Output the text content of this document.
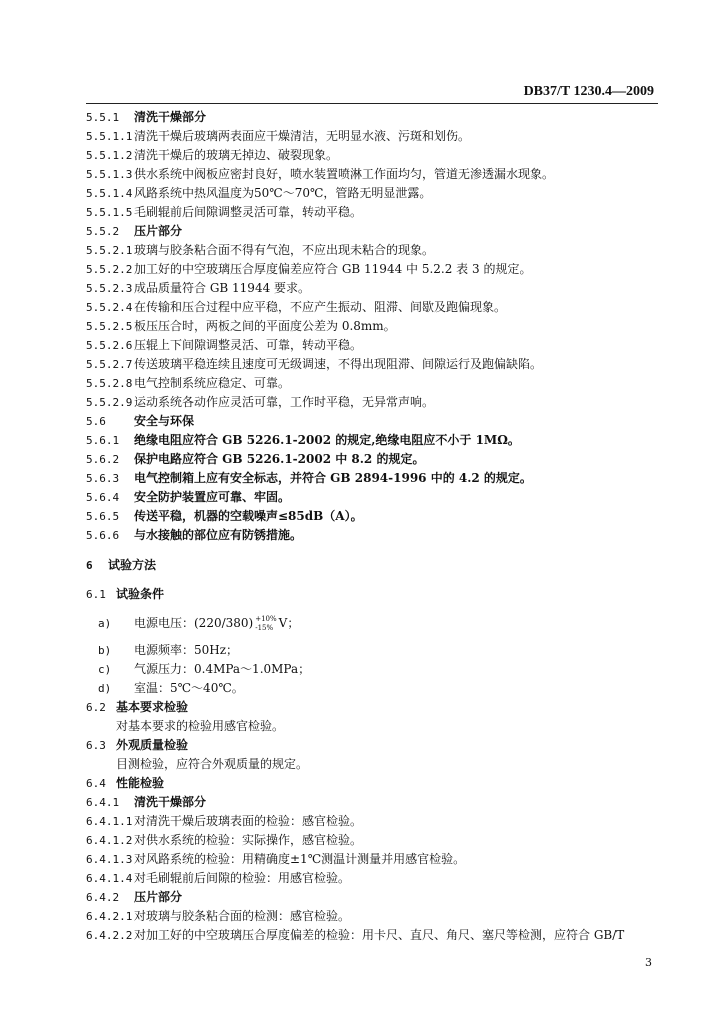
DB37/T 1230.4—2009
5.5.1 清洗干燥部分
5.5.1.1 清洗干燥后玻璃两表面应干燥清洁，无明显水液、污斑和划伤。
5.5.1.2 清洗干燥后的玻璃无掉边、破裂现象。
5.5.1.3 供水系统中阀板应密封良好，喷水装置喷淋工作面均匀，管道无渗透漏水现象。
5.5.1.4 风路系统中热风温度为50℃～70℃，管路无明显泄露。
5.5.1.5 毛刷辊前后间隙调整灵活可靠，转动平稳。
5.5.2 压片部分
5.5.2.1 玻璃与胶条粘合面不得有气泡，不应出现未粘合的现象。
5.5.2.2 加工好的中空玻璃压合厚度偏差应符合 GB 11944 中 5.2.2 表 3 的规定。
5.5.2.3 成品质量符合 GB 11944 要求。
5.5.2.4 在传输和压合过程中应平稳，不应产生振动、阻滞、间歇及跑偏现象。
5.5.2.5 板压压合时，两板之间的平面度公差为 0.8mm。
5.5.2.6 压辊上下间隙调整灵活、可靠，转动平稳。
5.5.2.7 传送玻璃平稳连续且速度可无级调速，不得出现阻滞、间隙运行及跑偏缺陷。
5.5.2.8 电气控制系统应稳定、可靠。
5.5.2.9 运动系统各动作应灵活可靠，工作时平稳，无异常声响。
5.6 安全与环保
5.6.1 绝缘电阻应符合 GB 5226.1-2002 的规定,绝缘电阻应不小于 1MΩ。
5.6.2 保护电路应符合 GB 5226.1-2002 中 8.2 的规定。
5.6.3 电气控制箱上应有安全标志，并符合 GB 2894-1996 中的 4.2 的规定。
5.6.4 安全防护装置应可靠、牢固。
5.6.5 传送平稳，机器的空载噪声≤85dB（A）。
5.6.6 与水接触的部位应有防锈措施。
6 试验方法
6.1 试验条件
a) 电源电压：(220/380) +10%
-15% V；
b) 电源频率：50Hz；
c) 气源压力：0.4MPa～1.0MPa；
d) 室温：5℃～40℃。
6.2 基本要求检验
对基本要求的检验用感官检验。
6.3 外观质量检验
目测检验，应符合外观质量的规定。
6.4 性能检验
6.4.1 清洗干燥部分
6.4.1.1 对清洗干燥后玻璃表面的检验：感官检验。
6.4.1.2 对供水系统的检验：实际操作，感官检验。
6.4.1.3 对风路系统的检验：用精确度±1℃测温计测量并用感官检验。
6.4.1.4 对毛刷辊前后间隙的检验：用感官检验。
6.4.2 压片部分
6.4.2.1 对玻璃与胶条粘合面的检测：感官检验。
6.4.2.2 对加工好的中空玻璃压合厚度偏差的检验：用卡尺、直尺、角尺、塞尺等检测，应符合 GB/T
3
